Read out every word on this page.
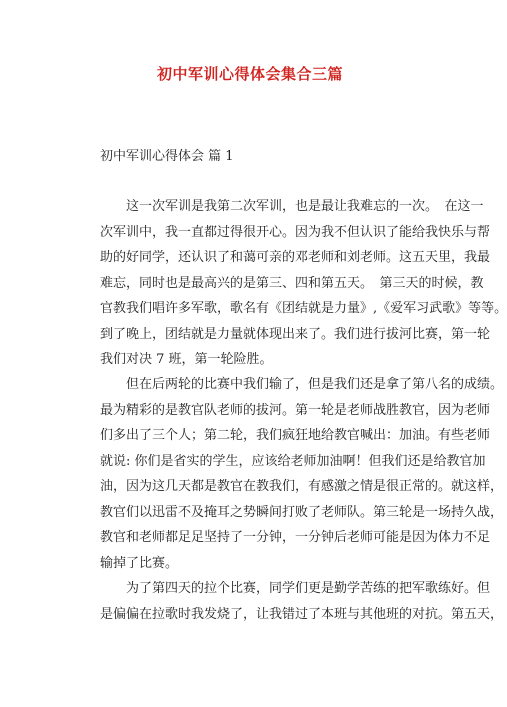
初中军训心得体会集合三篇
初中军训心得体会 篇 1
　　这一次军训是我第二次军训，也是最让我难忘的一次。　在这一
次军训中，我一直都过得很开心。因为我不但认识了能给我快乐与帮
助的好同学，还认识了和蔼可亲的邓老师和刘老师。这五天里，我最
难忘，同时也是最高兴的是第三、四和第五天。　第三天的时候，教
官教我们唱许多军歌，歌名有《团结就是力量》,《爱军习武歌》等等。
到了晚上，团结就是力量就体现出来了。我们进行拔河比赛，第一轮
我们对决 7 班，第一轮险胜。
　　但在后两轮的比赛中我们输了，但是我们还是拿了第八名的成绩。
最为精彩的是教官队老师的拔河。第一轮是老师战胜教官，因为老师
们多出了三个人；第二轮，我们疯狂地给教官喊出：加油。有些老师
就说: 你们是省实的学生，应该给老师加油啊！但我们还是给教官加
油，因为这几天都是教官在教我们，有感激之情是很正常的。就这样，
教官们以迅雷不及掩耳之势瞬间打败了老师队。第三轮是一场持久战，
教官和老师都足足坚持了一分钟，一分钟后老师可能是因为体力不足
输掉了比赛。
　　为了第四天的拉个比赛，同学们更是勤学苦练的把军歌练好。但
是偏偏在拉歌时我发烧了，让我错过了本班与其他班的对抗。第五天，
